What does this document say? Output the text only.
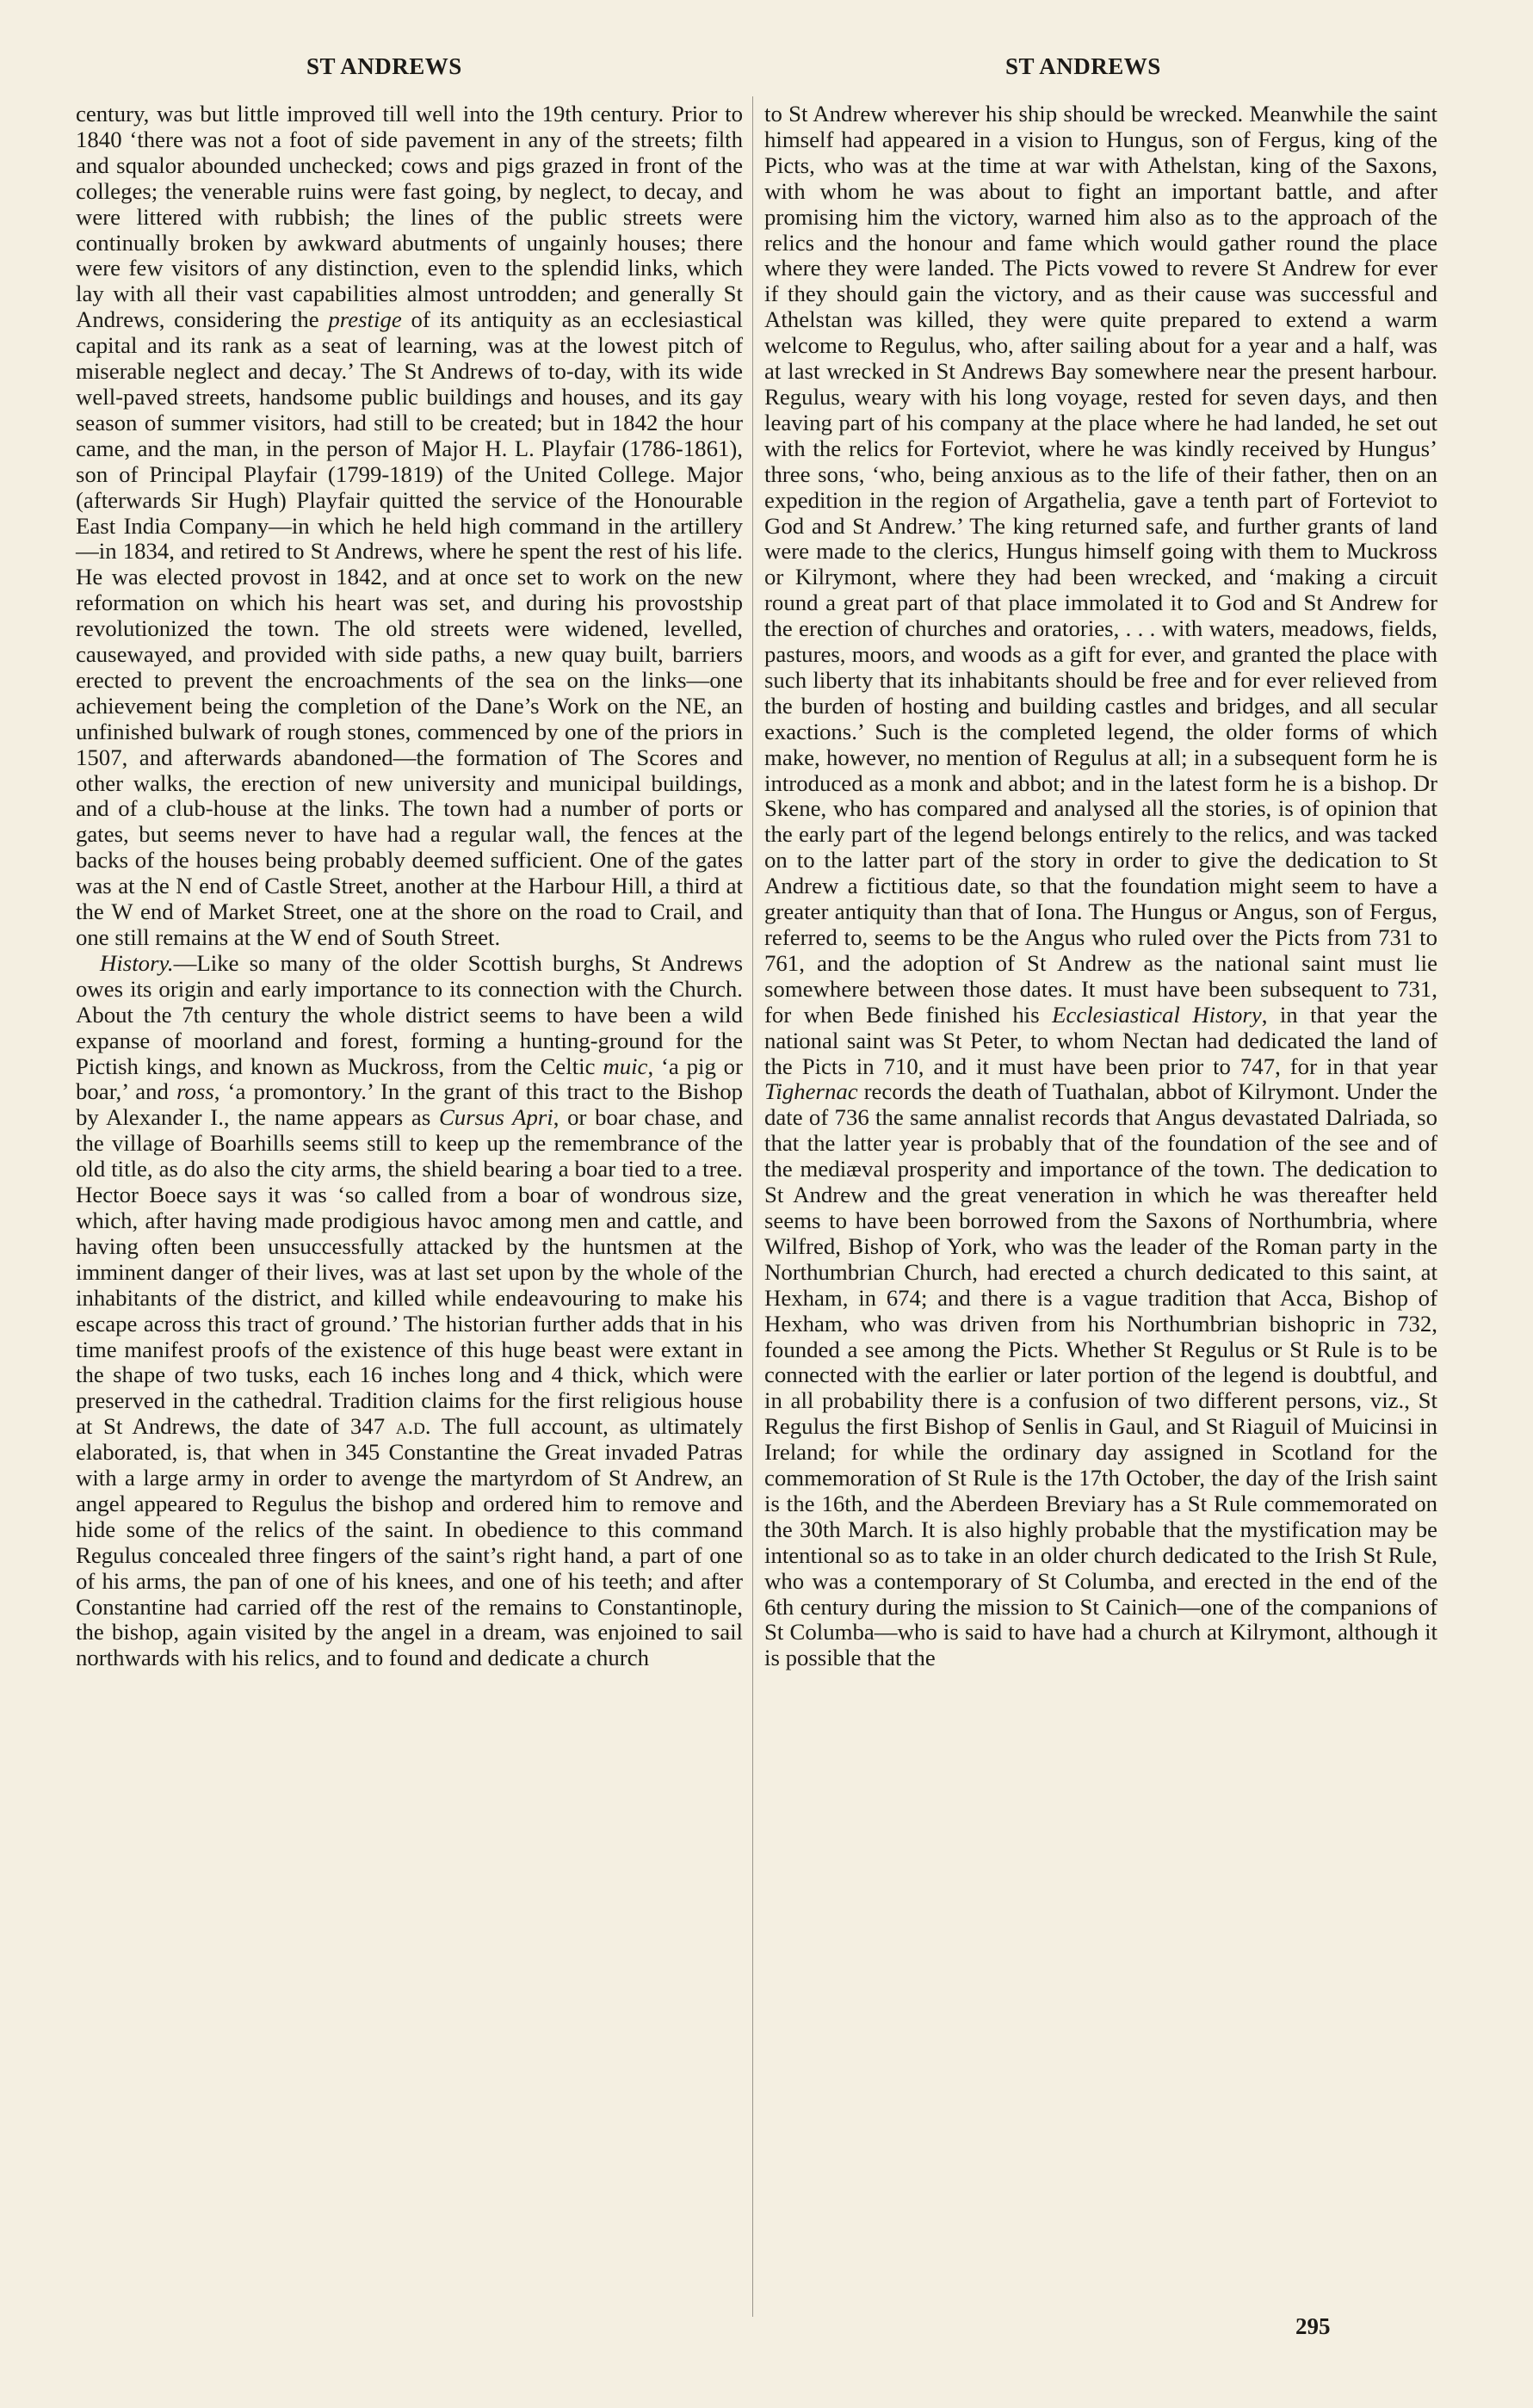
ST ANDREWS	ST ANDREWS

century, was but little improved till well into the 19th century. Prior to 1840 ‘there was not a foot of side pavement in any of the streets; filth and squalor abounded unchecked; cows and pigs grazed in front of the colleges; the venerable ruins were fast going, by neglect, to decay, and were littered with rubbish; the lines of the public streets were continually broken by awkward abutments of ungainly houses; there were few visitors of any distinction, even to the splendid links, which lay with all their vast capabilities almost untrodden; and generally St Andrews, considering the prestige of its antiquity as an ecclesiastical capital and its rank as a seat of learning, was at the lowest pitch of miserable neglect and decay.’ The St Andrews of to-day, with its wide well-paved streets, handsome public buildings and houses, and its gay season of summer visitors, had still to be created; but in 1842 the hour came, and the man, in the person of Major H. L. Playfair (1786-1861), son of Principal Playfair (1799-1819) of the United College. Major (afterwards Sir Hugh) Playfair quitted the service of the Honourable East India Company—in which he held high command in the artillery—in 1834, and retired to St Andrews, where he spent the rest of his life. He was elected provost in 1842, and at once set to work on the new reformation on which his heart was set, and during his provostship revolutionized the town. The old streets were widened, levelled, causewayed, and provided with side paths, a new quay built, barriers erected to prevent the encroachments of the sea on the links—one achievement being the completion of the Dane’s Work on the NE, an unfinished bulwark of rough stones, commenced by one of the priors in 1507, and afterwards abandoned—the formation of The Scores and other walks, the erection of new university and municipal buildings, and of a club-house at the links. The town had a number of ports or gates, but seems never to have had a regular wall, the fences at the backs of the houses being probably deemed sufficient. One of the gates was at the N end of Castle Street, another at the Harbour Hill, a third at the W end of Market Street, one at the shore on the road to Crail, and one still remains at the W end of South Street.

History.—Like so many of the older Scottish burghs, St Andrews owes its origin and early importance to its connection with the Church. About the 7th century the whole district seems to have been a wild expanse of moorland and forest, forming a hunting-ground for the Pictish kings, and known as Muckross, from the Celtic muic, ‘a pig or boar,’ and ross, ‘a promontory.’ In the grant of this tract to the Bishop by Alexander I., the name appears as Cursus Apri, or boar chase, and the village of Boarhills seems still to keep up the remembrance of the old title, as do also the city arms, the shield bearing a boar tied to a tree. Hector Boece says it was ‘so called from a boar of wondrous size, which, after having made prodigious havoc among men and cattle, and having often been unsuccessfully attacked by the huntsmen at the imminent danger of their lives, was at last set upon by the whole of the inhabitants of the district, and killed while endeavouring to make his escape across this tract of ground.’ The historian further adds that in his time manifest proofs of the existence of this huge beast were extant in the shape of two tusks, each 16 inches long and 4 thick, which were preserved in the cathedral. Tradition claims for the first religious house at St Andrews, the date of 347 a.d. The full account, as ultimately elaborated, is, that when in 345 Constantine the Great invaded Patras with a large army in order to avenge the martyrdom of St Andrew, an angel appeared to Regulus the bishop and ordered him to remove and hide some of the relics of the saint. In obedience to this command Regulus concealed three fingers of the saint’s right hand, a part of one of his arms, the pan of one of his knees, and one of his teeth; and after Constantine had carried off the rest of the remains to Constantinople, the bishop, again visited by the angel in a dream, was enjoined to sail northwards with his relics, and to found and dedicate a church

to St Andrew wherever his ship should be wrecked. Meanwhile the saint himself had appeared in a vision to Hungus, son of Fergus, king of the Picts, who was at the time at war with Athelstan, king of the Saxons, with whom he was about to fight an important battle, and after promising him the victory, warned him also as to the approach of the relics and the honour and fame which would gather round the place where they were landed. The Picts vowed to revere St Andrew for ever if they should gain the victory, and as their cause was successful and Athelstan was killed, they were quite prepared to extend a warm welcome to Regulus, who, after sailing about for a year and a half, was at last wrecked in St Andrews Bay somewhere near the present harbour. Regulus, weary with his long voyage, rested for seven days, and then leaving part of his company at the place where he had landed, he set out with the relics for Forteviot, where he was kindly received by Hungus’ three sons, ‘who, being anxious as to the life of their father, then on an expedition in the region of Argathelia, gave a tenth part of Forteviot to God and St Andrew.’ The king returned safe, and further grants of land were made to the clerics, Hungus himself going with them to Muckross or Kilrymont, where they had been wrecked, and ‘making a circuit round a great part of that place immolated it to God and St Andrew for the erection of churches and oratories, . . . with waters, meadows, fields, pastures, moors, and woods as a gift for ever, and granted the place with such liberty that its inhabitants should be free and for ever relieved from the burden of hosting and building castles and bridges, and all secular exactions.’ Such is the completed legend, the older forms of which make, however, no mention of Regulus at all; in a subsequent form he is introduced as a monk and abbot; and in the latest form he is a bishop. Dr Skene, who has compared and analysed all the stories, is of opinion that the early part of the legend belongs entirely to the relics, and was tacked on to the latter part of the story in order to give the dedication to St Andrew a fictitious date, so that the foundation might seem to have a greater antiquity than that of Iona. The Hungus or Angus, son of Fergus, referred to, seems to be the Angus who ruled over the Picts from 731 to 761, and the adoption of St Andrew as the national saint must lie somewhere between those dates. It must have been subsequent to 731, for when Bede finished his Ecclesiastical History, in that year the national saint was St Peter, to whom Nectan had dedicated the land of the Picts in 710, and it must have been prior to 747, for in that year Tighernac records the death of Tuathalan, abbot of Kilrymont. Under the date of 736 the same annalist records that Angus devastated Dalriada, so that the latter year is probably that of the foundation of the see and of the mediæval prosperity and importance of the town. The dedication to St Andrew and the great veneration in which he was thereafter held seems to have been borrowed from the Saxons of Northumbria, where Wilfred, Bishop of York, who was the leader of the Roman party in the Northumbrian Church, had erected a church dedicated to this saint, at Hexham, in 674; and there is a vague tradition that Acca, Bishop of Hexham, who was driven from his Northumbrian bishopric in 732, founded a see among the Picts. Whether St Regulus or St Rule is to be connected with the earlier or later portion of the legend is doubtful, and in all probability there is a confusion of two different persons, viz., St Regulus the first Bishop of Senlis in Gaul, and St Riaguil of Muicinsi in Ireland; for while the ordinary day assigned in Scotland for the commemoration of St Rule is the 17th October, the day of the Irish saint is the 16th, and the Aberdeen Breviary has a St Rule commemorated on the 30th March. It is also highly probable that the mystification may be intentional so as to take in an older church dedicated to the Irish St Rule, who was a contemporary of St Columba, and erected in the end of the 6th century during the mission to St Cainich—one of the companions of St Columba—who is said to have had a church at Kilrymont, although it is possible that the

295
